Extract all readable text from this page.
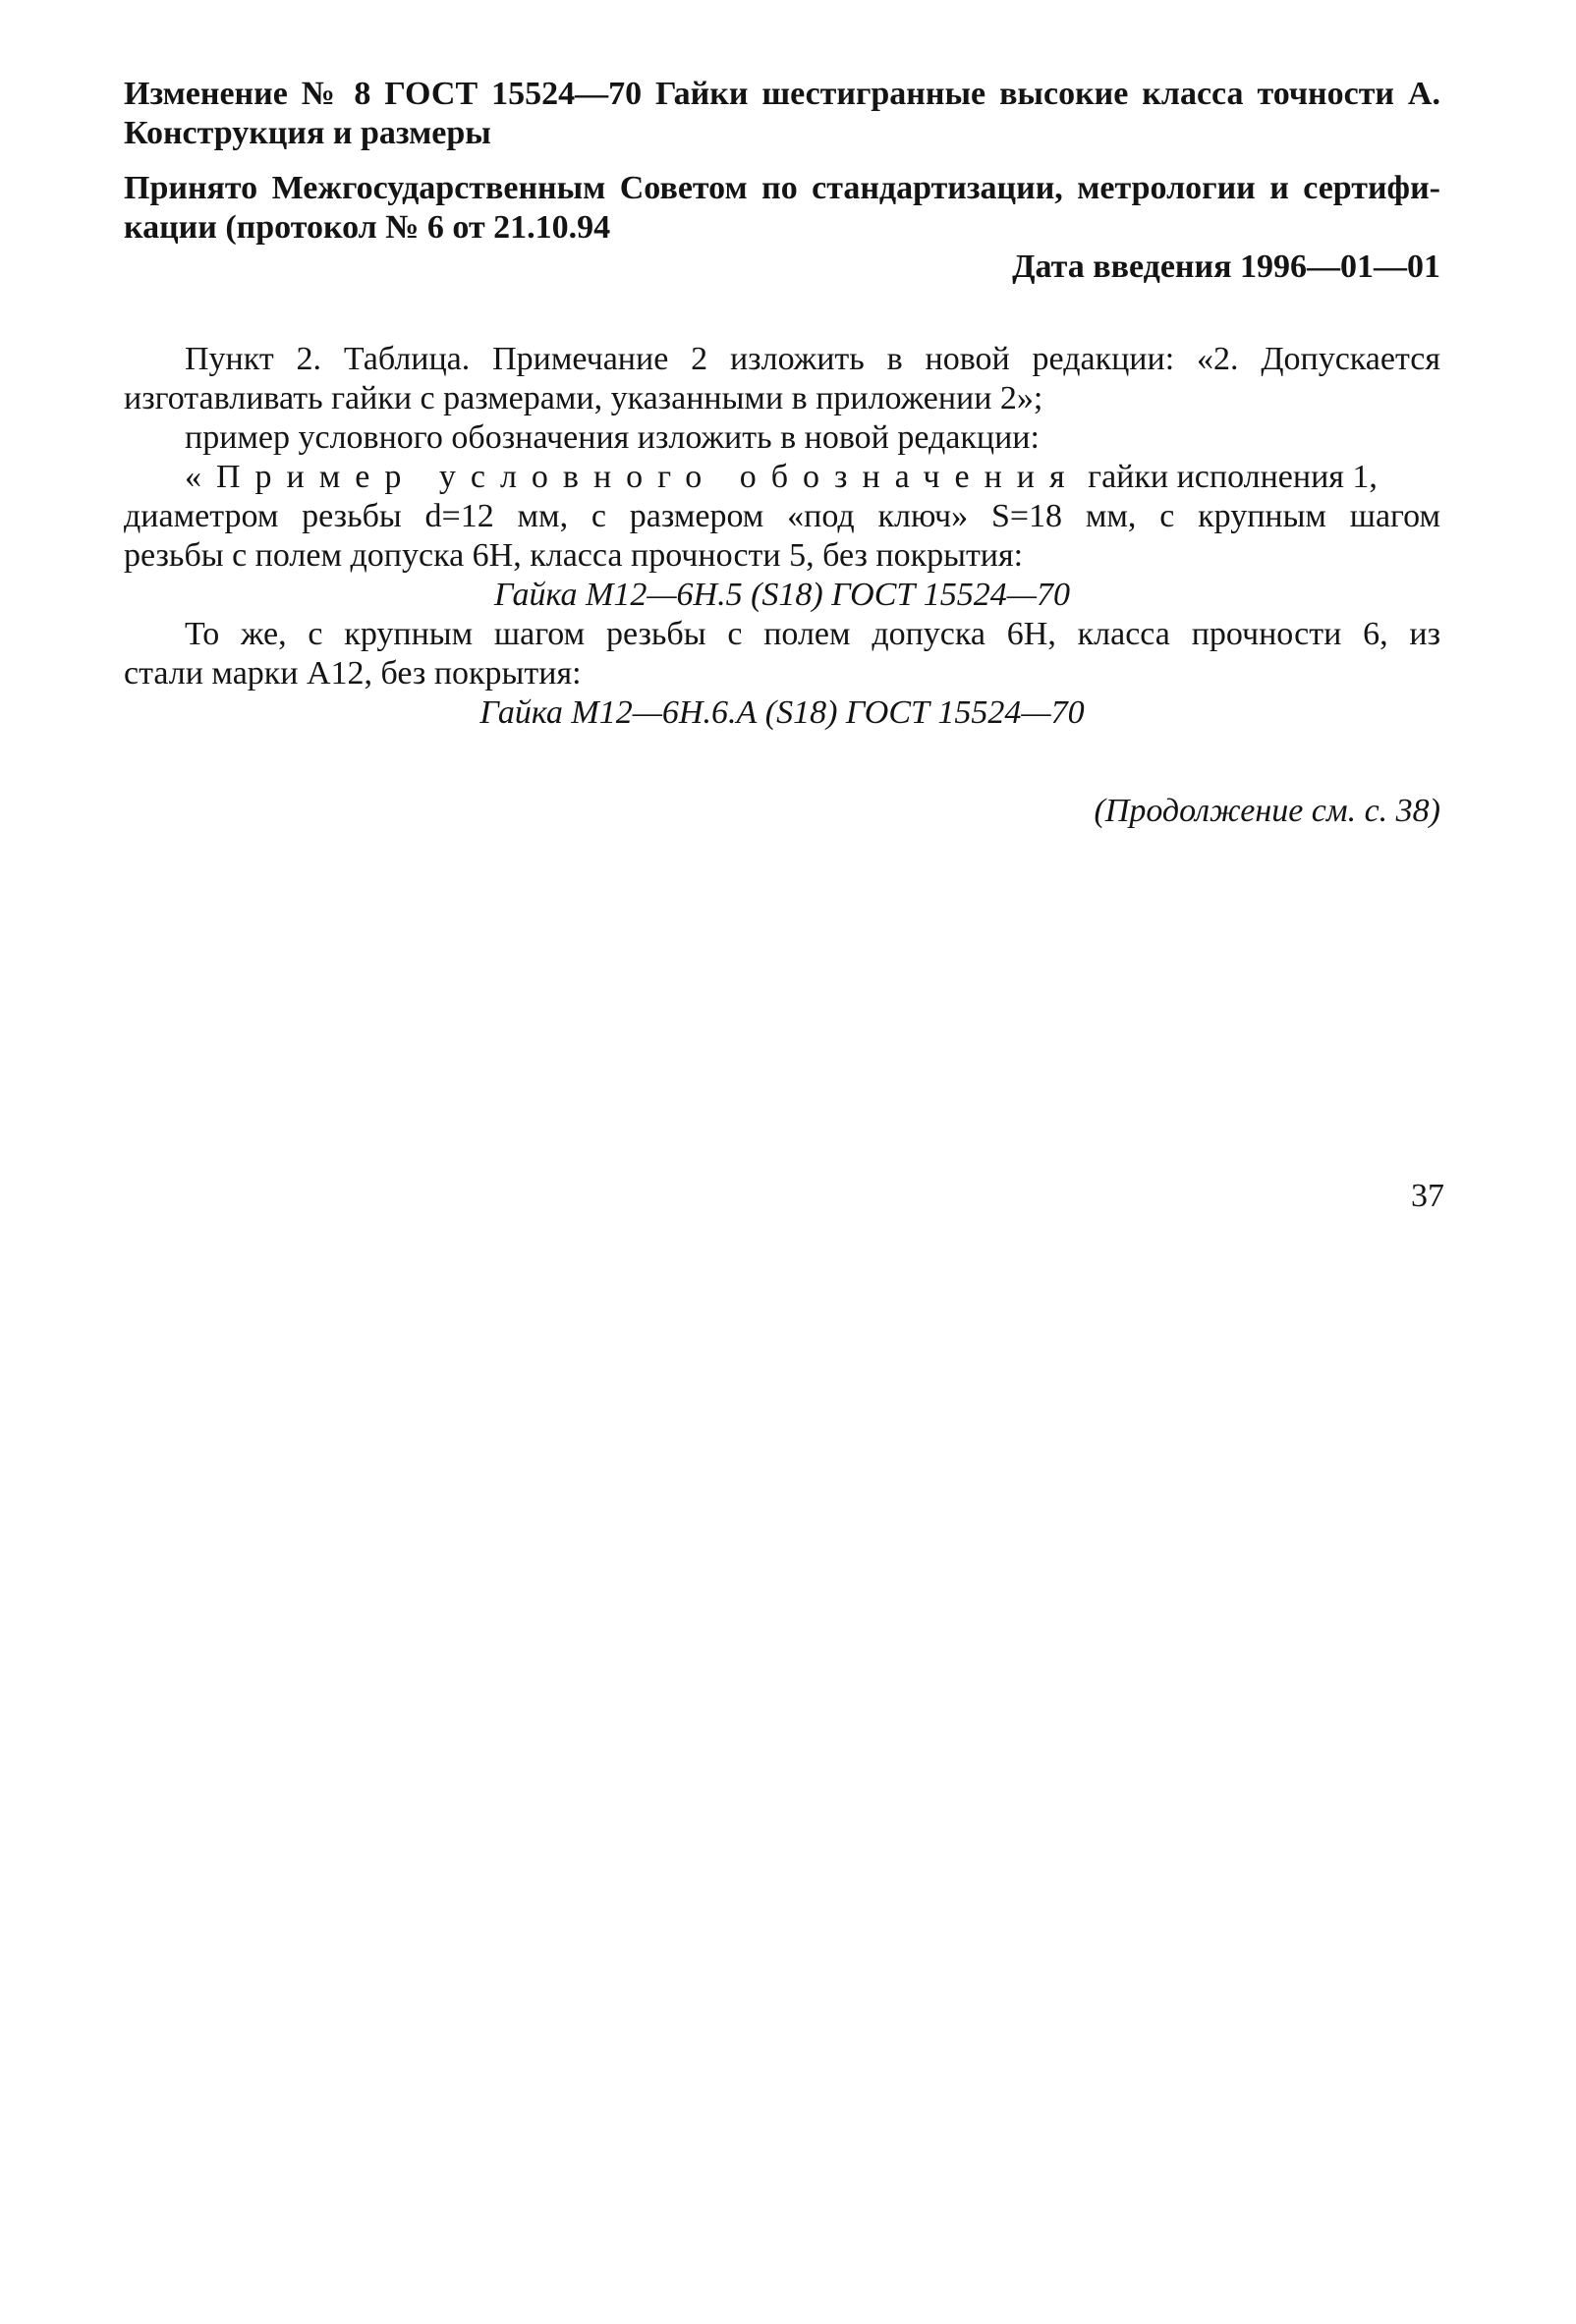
Изменение № 8 ГОСТ 15524—70 Гайки шестигранные высокие класса точности А.
Конструкция и размеры
Принято Межгосударственным Советом по стандартизации, метрологии и сертифи-
кации (протокол № 6 от 21.10.94
Дата введения 1996—01—01
Пункт 2. Таблица. Примечание 2 изложить в новой редакции: «2. Допускается
изготавливать гайки с размерами, указанными в приложении 2»;
пример условного обозначения изложить в новой редакции:
«Пример условного обозначения гайки исполнения 1,
диаметром резьбы d=12 мм, с размером «под ключ» S=18 мм, с крупным шагом
резьбы с полем допуска 6Н, класса прочности 5, без покрытия:
Гайка М12—6Н.5 (S18) ГОСТ 15524—70
То же, с крупным шагом резьбы с полем допуска 6Н, класса прочности 6, из
стали марки А12, без покрытия:
Гайка М12—6Н.6.А (S18) ГОСТ 15524—70
(Продолжение см. с. 38)
37
